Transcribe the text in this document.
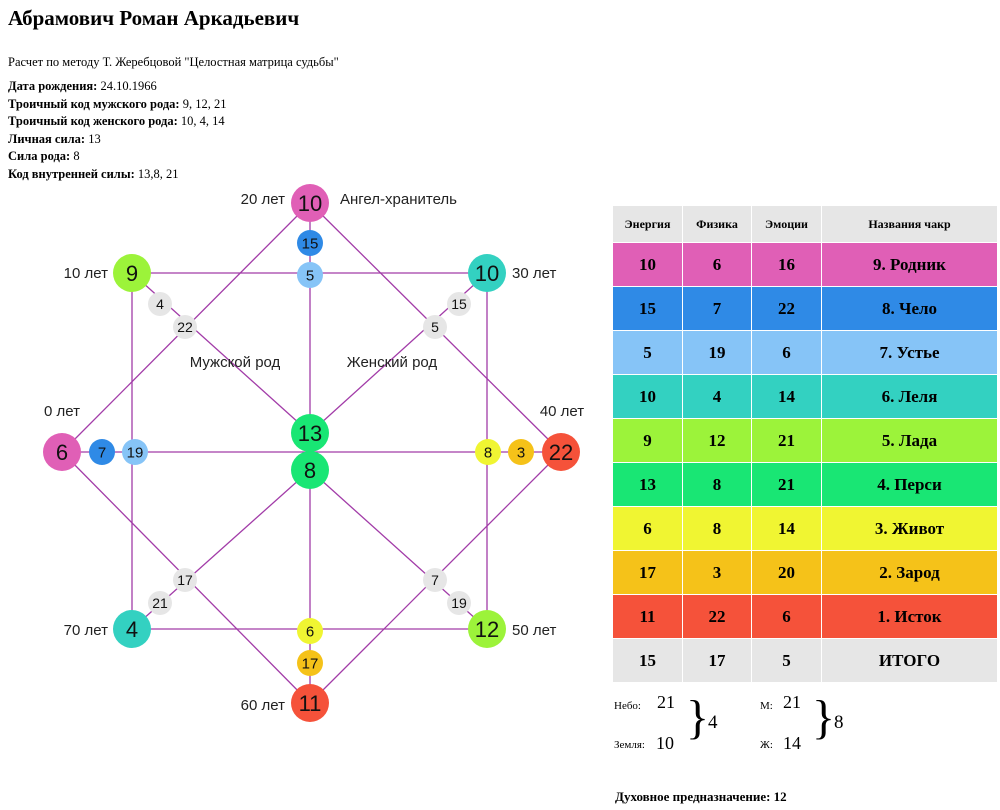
Абрамович Роман Аркадьевич
Расчет по методу Т. Жеребцовой "Целостная матрица судьбы"
Дата рождения: 24.10.1966
Троичный код мужского рода: 9, 12, 21
Троичный код женского рода: 10, 4, 14
Личная сила: 13
Сила рода: 8
Код внутренней силы: 13,8, 21
0 лет
10 лет
20 лет
30 лет
40 лет
50 лет
60 лет
70 лет
Ангел-хранитель
Мужской род	Женский род
10
15
5
9	10
6 7 19	22
3
8
11
17
6
4	12
13
8
4
22
15
5
17
21
7
19
Энергия	Физика	Эмоции	Названия чакр
10	6	16	9. Родник
15	7	22	8. Чело
5	19	6	7. Устье
10	4	14	6. Леля
9	12	21	5. Лада
13	8	21	4. Перси
6	8	14	3. Живот
17	3	20	2. Зарод
11	22	6	1. Исток
15	17	5	ИТОГО
Небо: 21
Земля: 10 }
4
М: 21
Ж: 14 }
8
Духовное предназначение: 12
